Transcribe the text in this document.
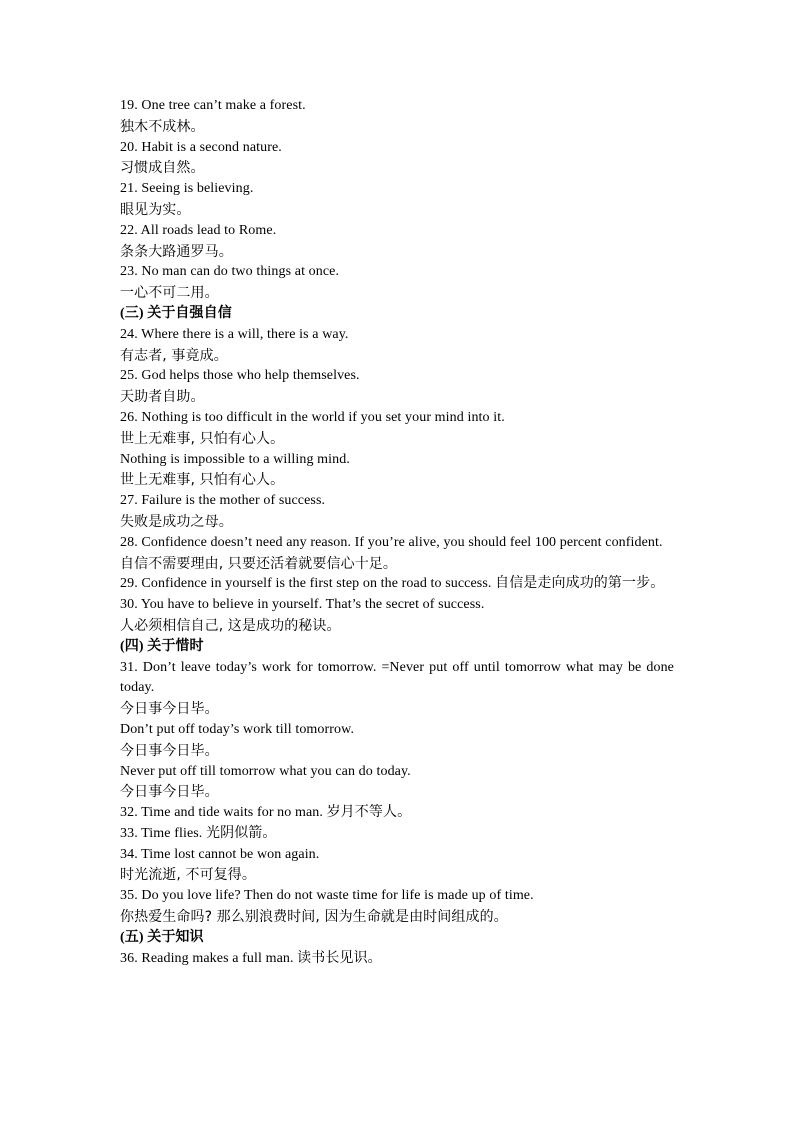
19. One tree can’t make a forest.
独木不成林。
20. Habit is a second nature.
习惯成自然。
21. Seeing is believing.
眼见为实。
22. All roads lead to Rome.
条条大路通罗马。
23. No man can do two things at once.
一心不可二用。
(三) 关于自强自信
24. Where there is a will, there is a way.
有志者, 事竟成。
25. God helps those who help themselves.
天助者自助。
26. Nothing is too difficult in the world if you set your mind into it.
世上无难事, 只怕有心人。
Nothing is impossible to a willing mind.
世上无难事, 只怕有心人。
27. Failure is the mother of success.
失败是成功之母。
28. Confidence doesn’t need any reason. If you’re alive, you should feel 100 percent confident.
自信不需要理由, 只要还活着就要信心十足。
29. Confidence in yourself is the first step on the road to success. 自信是走向成功的第一步。
30. You have to believe in yourself. That’s the secret of success.
人必须相信自己, 这是成功的秘诀。
(四) 关于惜时
31. Don’t leave today’s work for tomorrow. =Never put off until tomorrow what may be done today.
今日事今日毕。
Don’t put off today’s work till tomorrow.
今日事今日毕。
Never put off till tomorrow what you can do today.
今日事今日毕。
32. Time and tide waits for no man. 岁月不等人。
33. Time flies. 光阴似箭。
34. Time lost cannot be won again.
时光流逝, 不可复得。
35. Do you love life? Then do not waste time for life is made up of time.
你热爱生命吗? 那么别浪费时间, 因为生命就是由时间组成的。
(五) 关于知识
36. Reading makes a full man. 读书长见识。
